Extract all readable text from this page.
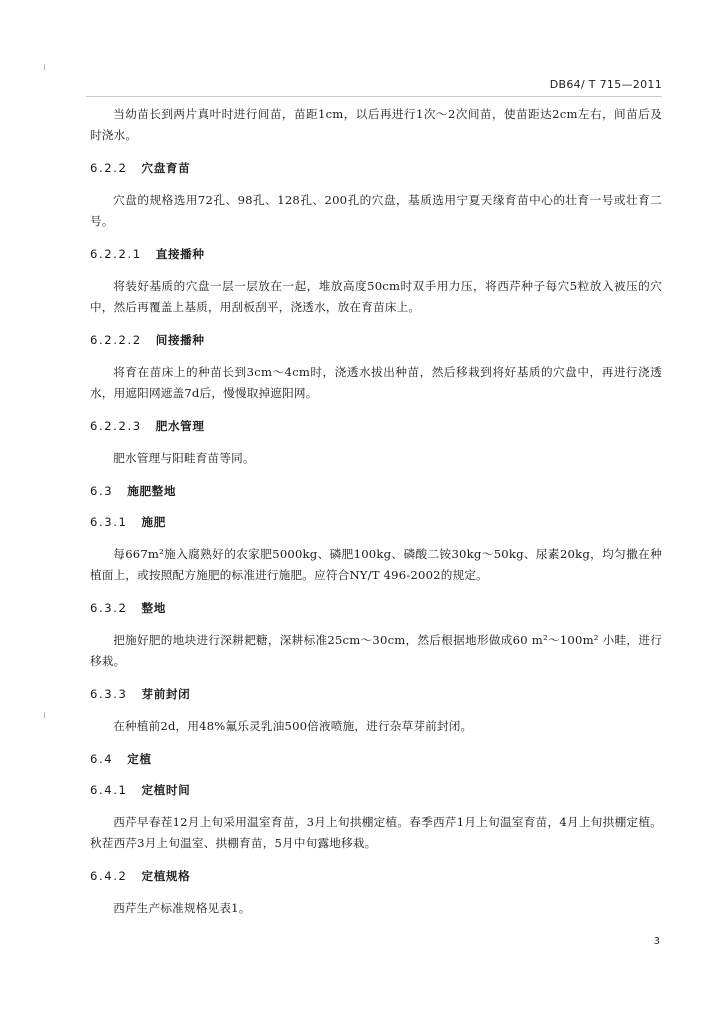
DB64/ T 715—2011

当幼苗长到两片真叶时进行间苗，苗距1cm，以后再进行1次～2次间苗，使苗距达2cm左右，间苗后及时浇水。

6.2.2 穴盘育苗

穴盘的规格选用72孔、98孔、128孔、200孔的穴盘，基质选用宁夏天缘育苗中心的壮育一号或壮育二号。

6.2.2.1 直接播种

将装好基质的穴盘一层一层放在一起，堆放高度50cm时双手用力压，将西芹种子每穴5粒放入被压的穴中，然后再覆盖上基质，用刮板刮平，浇透水，放在育苗床上。

6.2.2.2 间接播种

将育在苗床上的种苗长到3cm～4cm时，浇透水拔出种苗，然后移栽到将好基质的穴盘中，再进行浇透水，用遮阳网遮盖7d后，慢慢取掉遮阳网。

6.2.2.3 肥水管理

肥水管理与阳畦育苗等同。

6.3 施肥整地
6.3.1 施肥

每667m²施入腐熟好的农家肥5000kg、磷肥100kg、磷酸二铵30kg～50kg、尿素20kg，均匀撒在种植面上，或按照配方施肥的标准进行施肥。应符合NY/T 496-2002的规定。

6.3.2 整地

把施好肥的地块进行深耕耙糖，深耕标准25cm～30cm，然后根据地形做成60 m²～100m² 小畦，进行移栽。

6.3.3 芽前封闭

在种植前2d，用48%氟乐灵乳油500倍液喷施，进行杂草芽前封闭。

6.4 定植
6.4.1 定植时间

西芹早春茬12月上旬采用温室育苗，3月上旬拱棚定植。春季西芹1月上旬温室育苗，4月上旬拱棚定植。秋茬西芹3月上旬温室、拱棚育苗，5月中旬露地移栽。

6.4.2 定植规格

西芹生产标准规格见表1。

3
